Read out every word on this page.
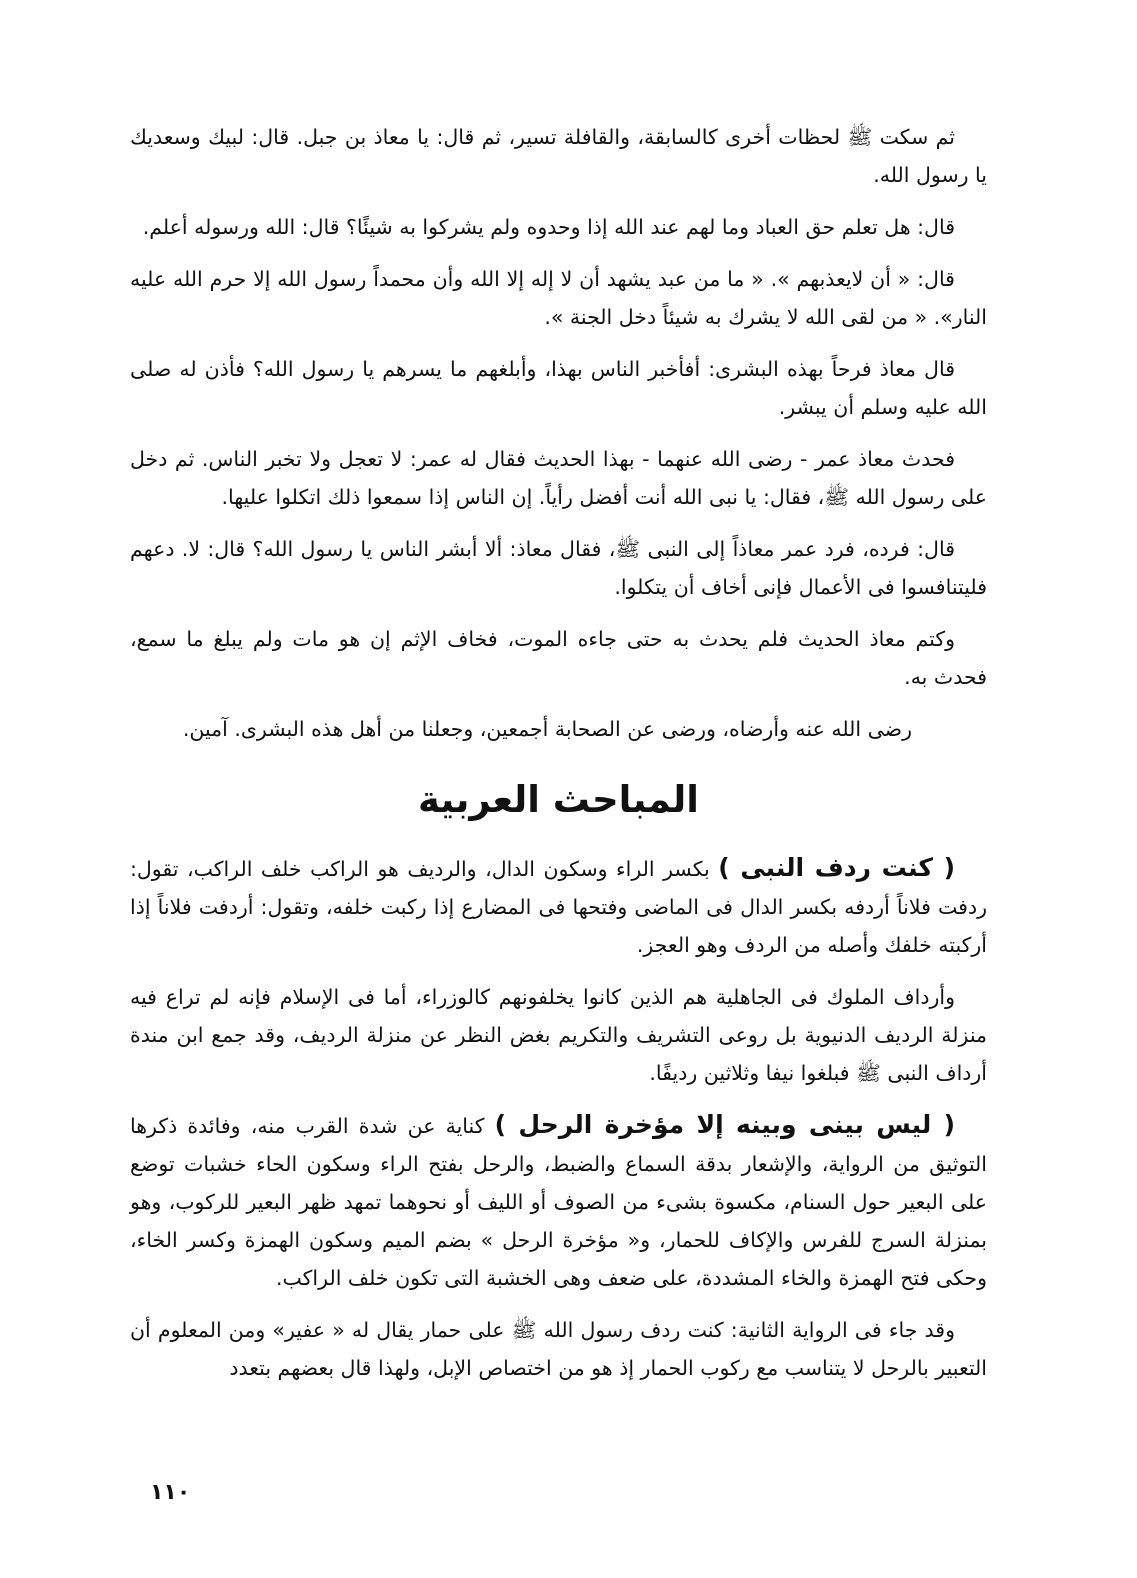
ثم سكت ﷺ لحظات أخرى كالسابقة، والقافلة تسير، ثم قال: يا معاذ بن جبل. قال: لبيك وسعديك يا رسول الله.

قال: هل تعلم حق العباد وما لهم عند الله إذا وحدوه ولم يشركوا به شيئًا؟ قال: الله ورسوله أعلم.

قال: « أن لايعذبهم ». « ما من عبد يشهد أن لا إله إلا الله وأن محمداً رسول الله إلا حرم الله عليه النار». « من لقى الله لا يشرك به شيئاً دخل الجنة ».

قال معاذ فرحاً بهذه البشرى: أفأخبر الناس بهذا، وأبلغهم ما يسرهم يا رسول الله؟ فأذن له صلى الله عليه وسلم أن يبشر.

فحدث معاذ عمر - رضى الله عنهما - بهذا الحديث فقال له عمر: لا تعجل ولا تخبر الناس. ثم دخل على رسول الله ﷺ، فقال: يا نبى الله أنت أفضل رأياً. إن الناس إذا سمعوا ذلك اتكلوا عليها.

قال: فرده، فرد عمر معاذاً إلى النبى ﷺ، فقال معاذ: ألا أبشر الناس يا رسول الله؟ قال: لا. دعهم فليتنافسوا فى الأعمال فإنى أخاف أن يتكلوا.

وكتم معاذ الحديث فلم يحدث به حتى جاءه الموت، فخاف الإثم إن هو مات ولم يبلغ ما سمع، فحدث به.

رضى الله عنه وأرضاه، ورضى عن الصحابة أجمعين، وجعلنا من أهل هذه البشرى. آمين.

المباحث العربية

( كنت ردف النبى ) بكسر الراء وسكون الدال، والرديف هو الراكب خلف الراكب، تقول: ردفت فلاناً أردفه بكسر الدال فى الماضى وفتحها فى المضارع إذا ركبت خلفه، وتقول: أردفت فلاناً إذا أركبته خلفك وأصله من الردف وهو العجز.

وأرداف الملوك فى الجاهلية هم الذين كانوا يخلفونهم كالوزراء، أما فى الإسلام فإنه لم تراع فيه منزلة الرديف الدنيوية بل روعى التشريف والتكريم بغض النظر عن منزلة الرديف، وقد جمع ابن مندة أرداف النبى ﷺ فبلغوا نيفا وثلاثين رديفًا.

( ليس بينى وبينه إلا مؤخرة الرحل ) كناية عن شدة القرب منه، وفائدة ذكرها التوثيق من الرواية، والإشعار بدقة السماع والضبط، والرحل بفتح الراء وسكون الحاء خشبات توضع على البعير حول السنام، مكسوة بشىء من الصوف أو الليف أو نحوهما تمهد ظهر البعير للركوب، وهو بمنزلة السرج للفرس والإكاف للحمار، و« مؤخرة الرحل » بضم الميم وسكون الهمزة وكسر الخاء، وحكى فتح الهمزة والخاء المشددة، على ضعف وهى الخشبة التى تكون خلف الراكب.

وقد جاء فى الرواية الثانية: كنت ردف رسول الله ﷺ على حمار يقال له « عفير» ومن المعلوم أن التعبير بالرحل لا يتناسب مع ركوب الحمار إذ هو من اختصاص الإبل، ولهذا قال بعضهم بتعدد

١١٠
